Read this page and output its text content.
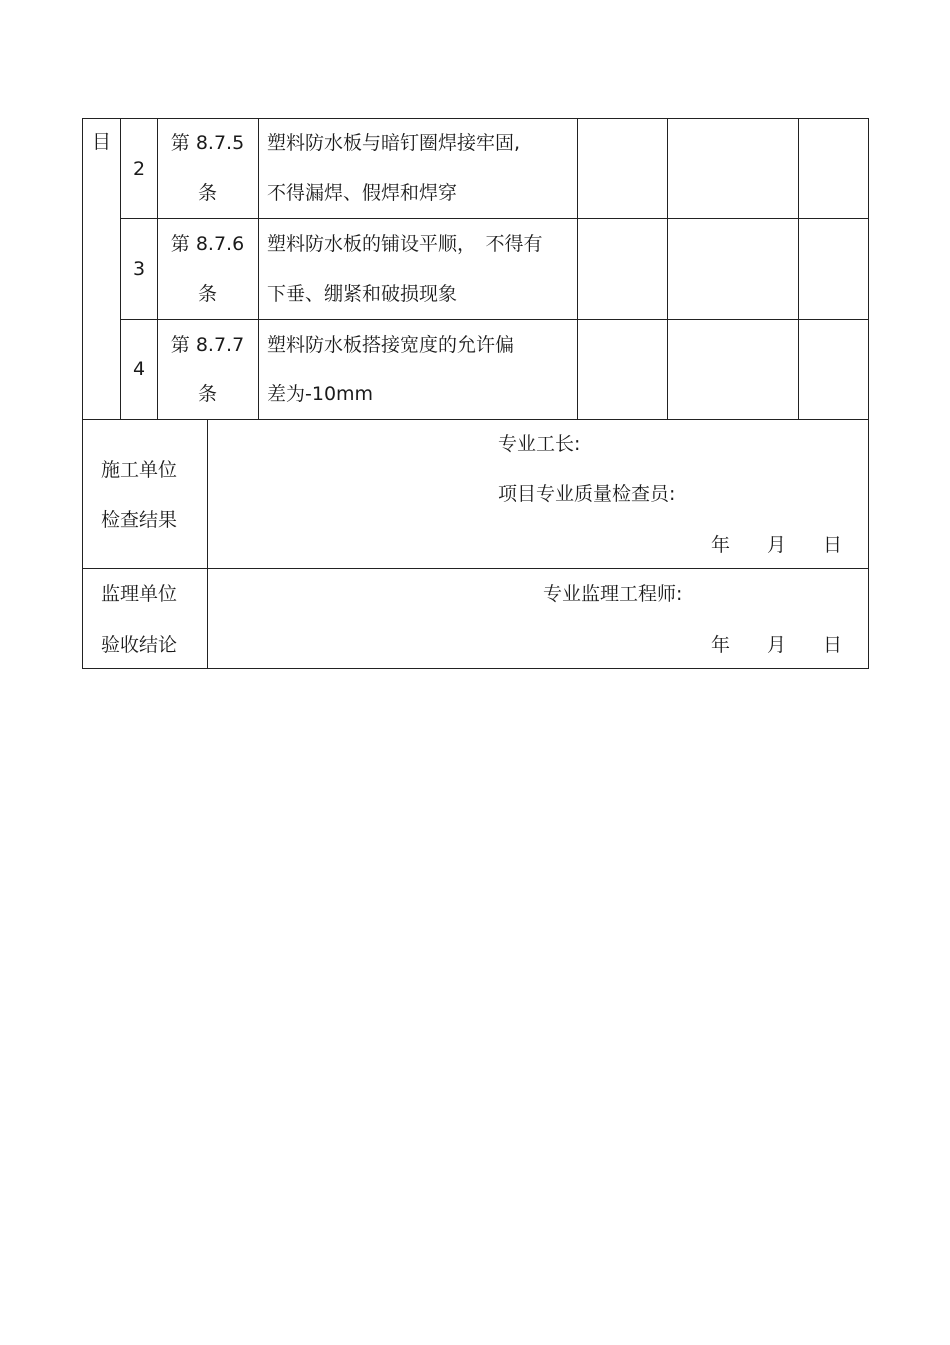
目
2
第 8.7.5
条
塑料防水板与暗钉圈焊接牢固,
不得漏焊、假焊和焊穿
3
第 8.7.6
条
塑料防水板的铺设平顺，　不得有
下垂、绷紧和破损现象
4
第 8.7.7
条
塑料防水板搭接宽度的允许偏
差为-10mm
施工单位
检查结果
专业工长:
项目专业质量检查员:
年 月 日
监理单位
验收结论
专业监理工程师:
年 月 日
